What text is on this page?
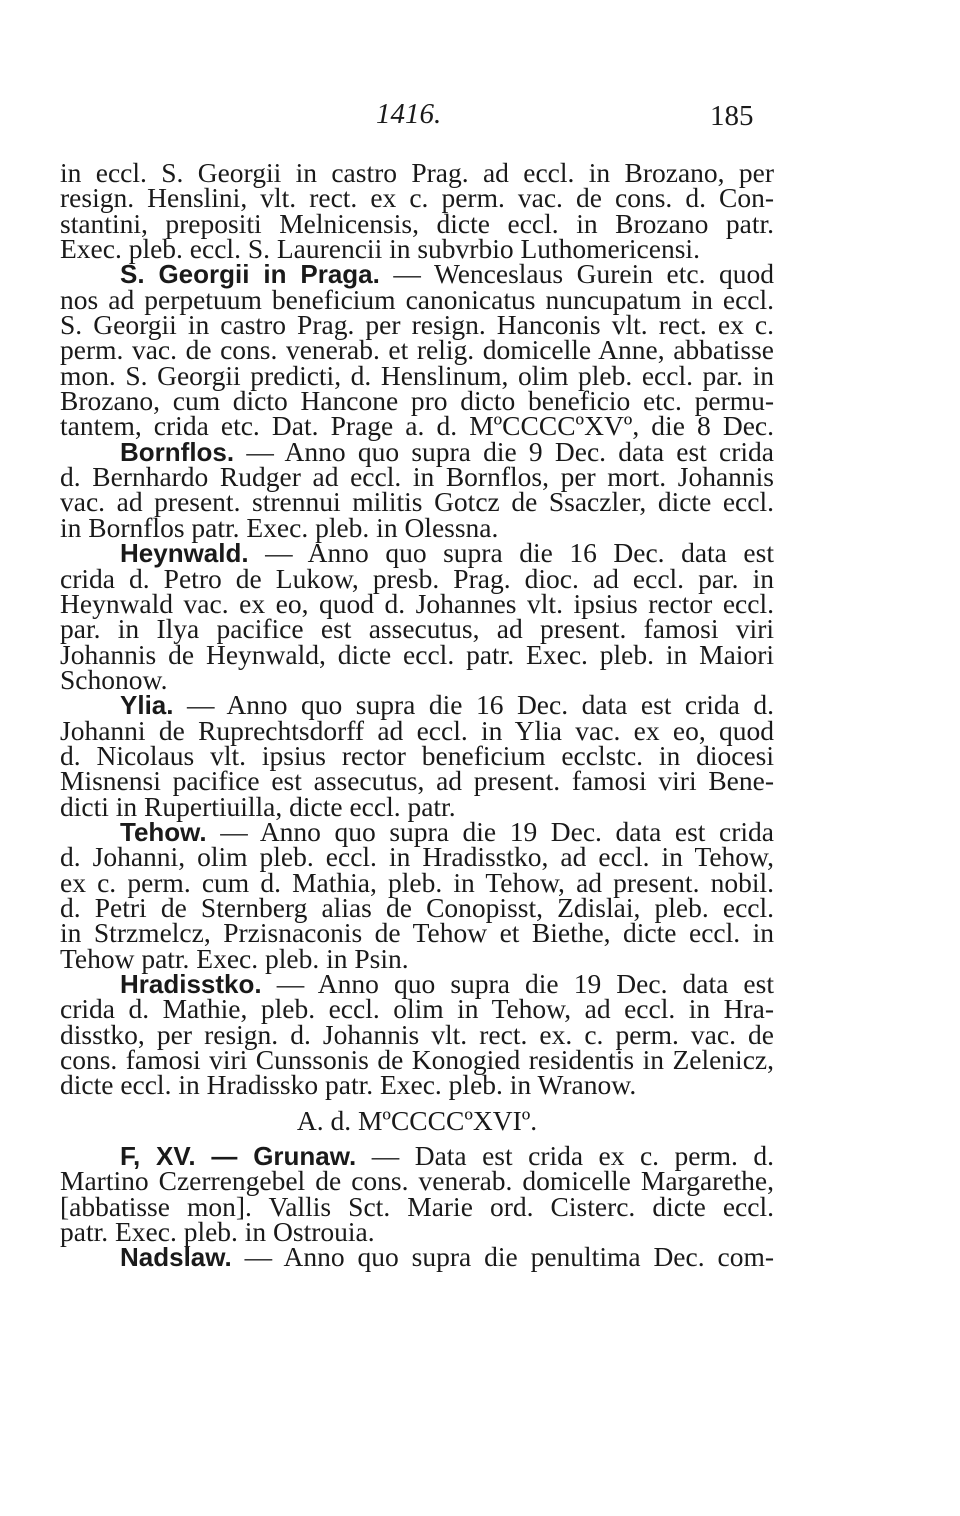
1416.	185
in eccl. S. Georgii in castro Prag. ad eccl. in Brozano, per
resign. Henslini, vlt. rect. ex c. perm. vac. de cons. d. Con-
stantini, prepositi Melnicensis, dicte eccl. in Brozano patr.
Exec. pleb. eccl. S. Laurencii in subvrbio Luthomericensi.
S. Georgii in Praga. — Wenceslaus Gurein etc. quod
nos ad perpetuum beneficium canonicatus nuncupatum in eccl.
S. Georgii in castro Prag. per resign. Hanconis vlt. rect. ex c.
perm. vac. de cons. venerab. et relig. domicelle Anne, abbatisse
mon. S. Georgii predicti, d. Henslinum, olim pleb. eccl. par. in
Brozano, cum dicto Hancone pro dicto beneficio etc. permu-
tantem, crida etc. Dat. Prage a. d. MºCCCCºXVº, die 8 Dec.
Bornflos. — Anno quo supra die 9 Dec. data est crida
d. Bernhardo Rudger ad eccl. in Bornflos, per mort. Johannis
vac. ad present. strennui militis Gotcz de Ssaczler, dicte eccl.
in Bornflos patr. Exec. pleb. in Olessna.
Heynwald. — Anno quo supra die 16 Dec. data est
crida d. Petro de Lukow, presb. Prag. dioc. ad eccl. par. in
Heynwald vac. ex eo, quod d. Johannes vlt. ipsius rector eccl.
par. in Ilya pacifice est assecutus, ad present. famosi viri
Johannis de Heynwald, dicte eccl. patr. Exec. pleb. in Maiori
Schonow.
Ylia. — Anno quo supra die 16 Dec. data est crida d.
Johanni de Ruprechtsdorff ad eccl. in Ylia vac. ex eo, quod
d. Nicolaus vlt. ipsius rector beneficium ecclstc. in diocesi
Misnensi pacifice est assecutus, ad present. famosi viri Bene-
dicti in Rupertiuilla, dicte eccl. patr.
Tehow. — Anno quo supra die 19 Dec. data est crida
d. Johanni, olim pleb. eccl. in Hradisstko, ad eccl. in Tehow,
ex c. perm. cum d. Mathia, pleb. in Tehow, ad present. nobil.
d. Petri de Sternberg alias de Conopisst, Zdislai, pleb. eccl.
in Strzmelcz, Przisnaconis de Tehow et Biethe, dicte eccl. in
Tehow patr. Exec. pleb. in Psin.
Hradisstko. — Anno quo supra die 19 Dec. data est
crida d. Mathie, pleb. eccl. olim in Tehow, ad eccl. in Hra-
disstko, per resign. d. Johannis vlt. rect. ex. c. perm. vac. de
cons. famosi viri Cunssonis de Konogied residentis in Zelenicz,
dicte eccl. in Hradissko patr. Exec. pleb. in Wranow.
A. d. MºCCCCºXVIº.
F, XV. — Grunaw. — Data est crida ex c. perm. d.
Martino Czerrengebel de cons. venerab. domicelle Margarethe,
[abbatisse mon]. Vallis Sct. Marie ord. Cisterc. dicte eccl.
patr. Exec. pleb. in Ostrouia.
Nadslaw. — Anno quo supra die penultima Dec. com-
